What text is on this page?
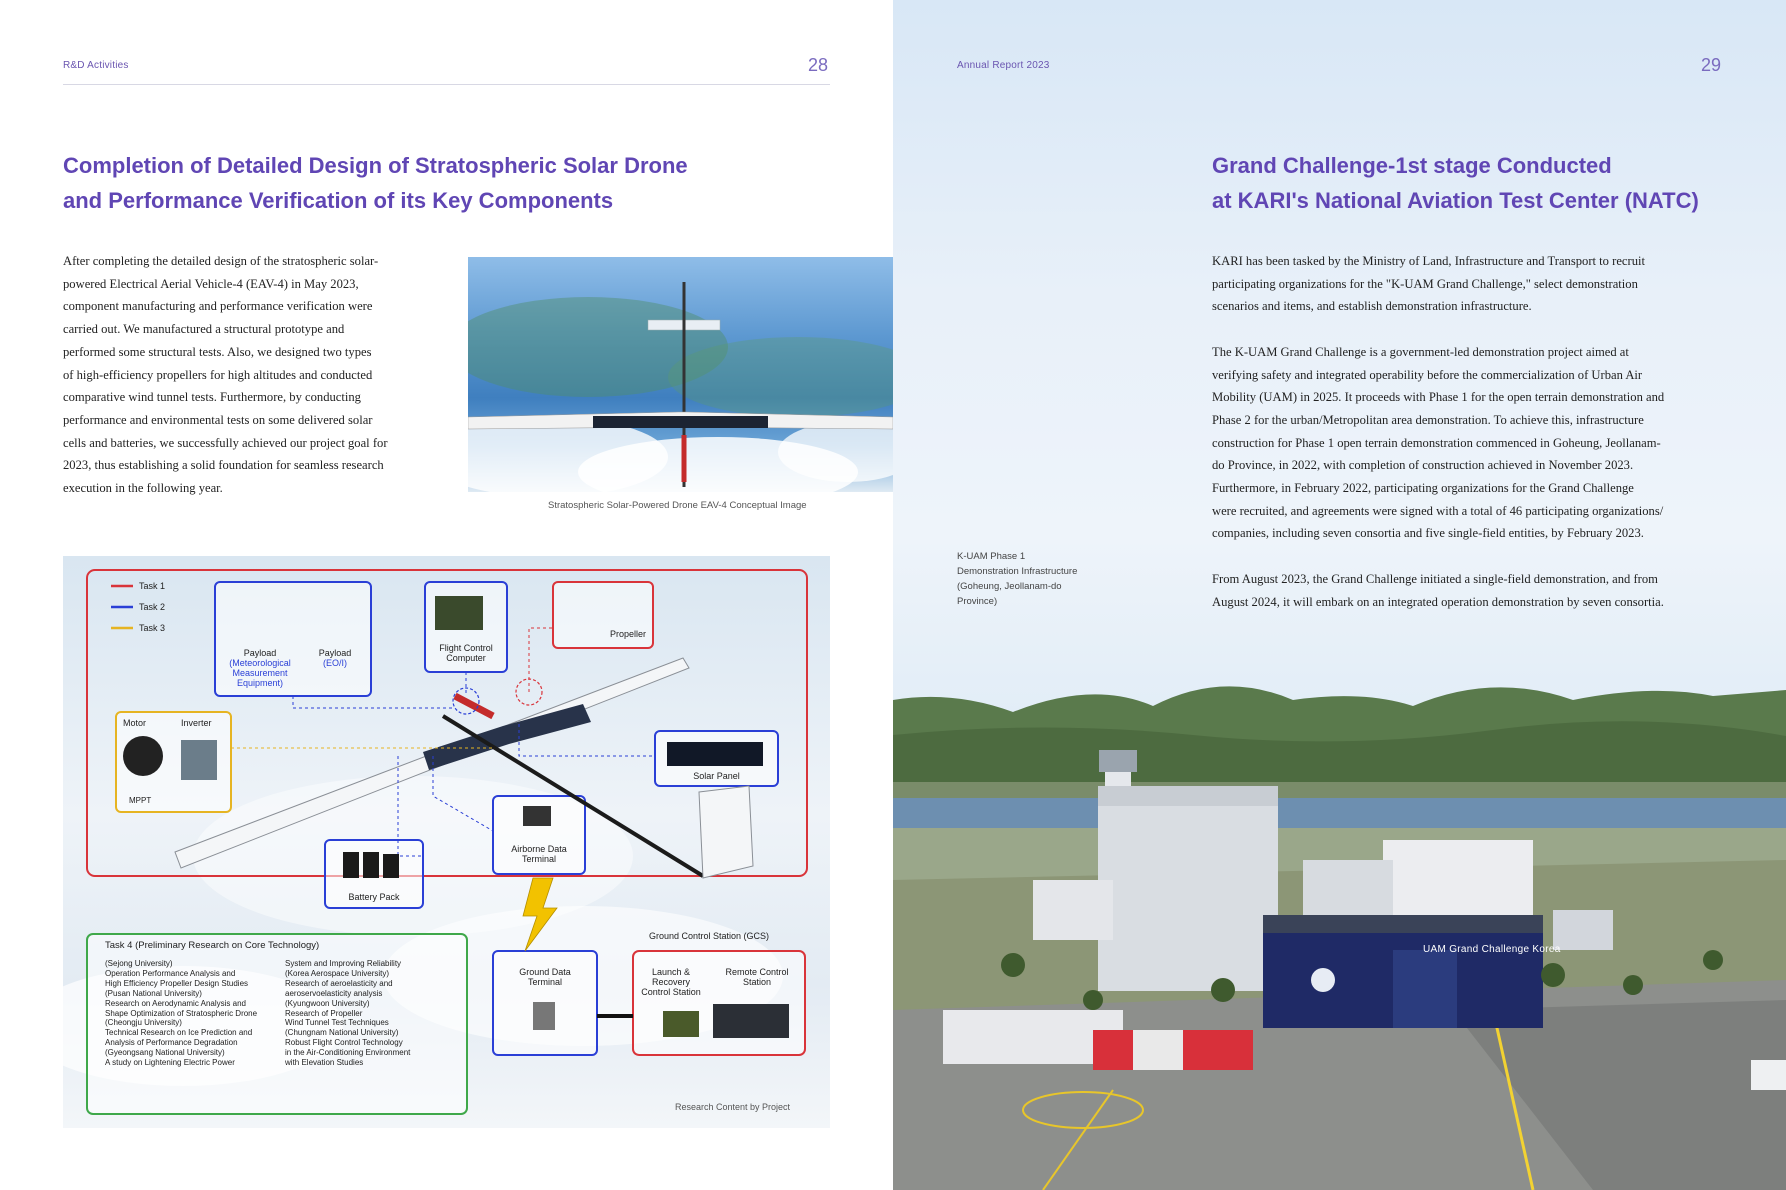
R&D Activities	28
Completion of Detailed Design of Stratospheric Solar Drone
and Performance Verification of its Key Components
After completing the detailed design of the stratospheric solar-
powered Electrical Aerial Vehicle-4 (EAV-4) in May 2023,
component manufacturing and performance verification were
carried out. We manufactured a structural prototype and
performed some structural tests. Also, we designed two types
of high-efficiency propellers for high altitudes and conducted
comparative wind tunnel tests. Furthermore, by conducting
performance and environmental tests on some delivered solar
cells and batteries, we successfully achieved our project goal for
2023, thus establishing a solid foundation for seamless research
execution in the following year.
Stratospheric Solar-Powered Drone EAV-4 Conceptual Image
Task 1
Task 2
Task 3
Payload
(Meteorological
Measurement
Equipment)
Payload
(EO/I)
Flight Control
Computer
Propeller
Motor	Inverter
MPPT
Solar Panel
Airborne Data
Terminal
Battery Pack
Ground Control Station (GCS)
Ground Data
Terminal
Launch &
Recovery
Control Station
Remote Control
Station
Research Content by Project
Task 4 (Preliminary Research on Core Technology)
(Sejong University)
Operation Performance Analysis and
High Efficiency Propeller Design Studies
(Pusan National University)
Research on Aerodynamic Analysis and
Shape Optimization of Stratospheric Drone
(Cheongju University)
Technical Research on Ice Prediction and
Analysis of Performance Degradation
(Gyeongsang National University)
A study on Lightening Electric Power
System and Improving Reliability
(Korea Aerospace University)
Research of aeroelasticity and
aeroservoelasticity analysis
(Kyungwoon University)
Research of Propeller
Wind Tunnel Test Techniques
(Chungnam National University)
Robust Flight Control Technology
in the Air-Conditioning Environment
with Elevation Studies
UAM Grand Challenge Korea
Annual Report 2023	29
Grand Challenge-1st stage Conducted
at KARI's National Aviation Test Center (NATC)
KARI has been tasked by the Ministry of Land, Infrastructure and Transport to recruit
participating organizations for the "K-UAM Grand Challenge," select demonstration
scenarios and items, and establish demonstration infrastructure.
The K-UAM Grand Challenge is a government-led demonstration project aimed at
verifying safety and integrated operability before the commercialization of Urban Air
Mobility (UAM) in 2025. It proceeds with Phase 1 for the open terrain demonstration and
Phase 2 for the urban/Metropolitan area demonstration. To achieve this, infrastructure
construction for Phase 1 open terrain demonstration commenced in Goheung, Jeollanam-
do Province, in 2022, with completion of construction achieved in November 2023.
Furthermore, in February 2022, participating organizations for the Grand Challenge
were recruited, and agreements were signed with a total of 46 participating organizations/
companies, including seven consortia and five single-field entities, by February 2023.
From August 2023, the Grand Challenge initiated a single-field demonstration, and from
August 2024, it will embark on an integrated operation demonstration by seven consortia.
K-UAM Phase 1
Demonstration Infrastructure
(Goheung, Jeollanam-do
Province)
